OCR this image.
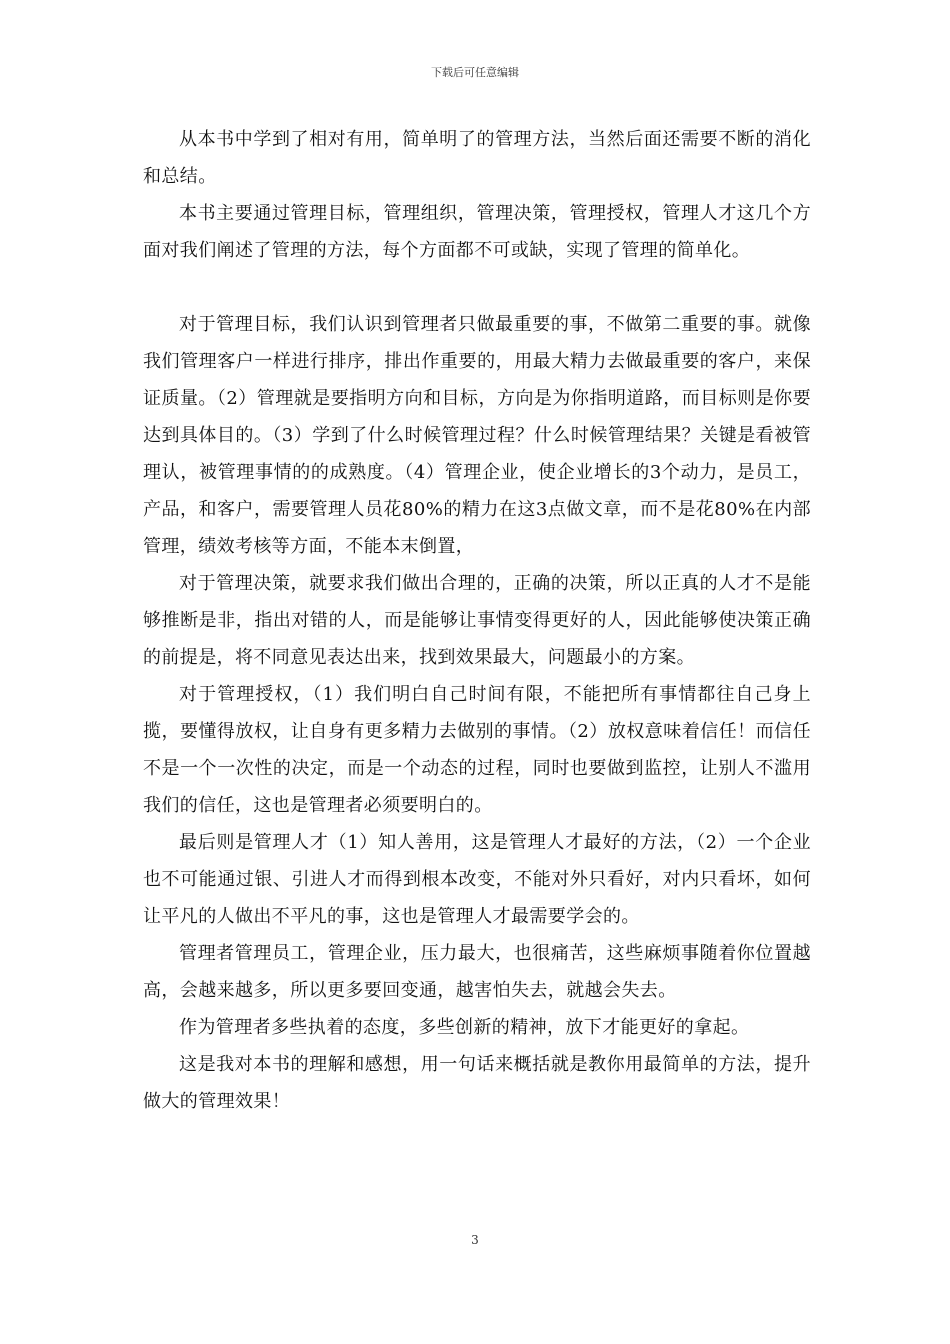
下载后可任意编辑

从本书中学到了相对有用，简单明了的管理方法，当然后面还需要不断的消化和总结。

本书主要通过管理目标，管理组织，管理决策，管理授权，管理人才这几个方面对我们阐述了管理的方法，每个方面都不可或缺，实现了管理的简单化。

对于管理目标，我们认识到管理者只做最重要的事，不做第二重要的事。就像我们管理客户一样进行排序，排出作重要的，用最大精力去做最重要的客户，来保证质量。（2）管理就是要指明方向和目标，方向是为你指明道路，而目标则是你要达到具体目的。（3）学到了什么时候管理过程？什么时候管理结果？关键是看被管理认，被管理事情的的成熟度。（4）管理企业，使企业增长的3个动力，是员工，产品，和客户，需要管理人员花80%的精力在这3点做文章，而不是花80%在内部管理，绩效考核等方面，不能本末倒置，

对于管理决策，就要求我们做出合理的，正确的决策，所以正真的人才不是能够推断是非，指出对错的人，而是能够让事情变得更好的人，因此能够使决策正确的前提是，将不同意见表达出来，找到效果最大，问题最小的方案。

对于管理授权，（1）我们明白自己时间有限，不能把所有事情都往自己身上揽，要懂得放权，让自身有更多精力去做别的事情。（2）放权意味着信任！而信任不是一个一次性的决定，而是一个动态的过程，同时也要做到监控，让别人不滥用我们的信任，这也是管理者必须要明白的。

最后则是管理人才（1）知人善用，这是管理人才最好的方法，（2）一个企业也不可能通过银、引进人才而得到根本改变，不能对外只看好，对内只看坏，如何让平凡的人做出不平凡的事，这也是管理人才最需要学会的。

管理者管理员工，管理企业，压力最大，也很痛苦，这些麻烦事随着你位置越高，会越来越多，所以更多要回变通，越害怕失去，就越会失去。

作为管理者多些执着的态度，多些创新的精神，放下才能更好的拿起。

这是我对本书的理解和感想，用一句话来概括就是教你用最简单的方法，提升做大的管理效果！

3
